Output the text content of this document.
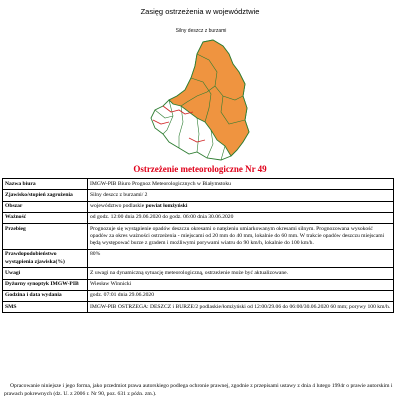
Zasięg ostrzeżenia w województwie
Silny deszcz z burzami
Ostrzeżenie meteorologiczne Nr 49
Nazwa biura	IMGW-PIB Biuro Prognoz Meteorologicznych w Białymstoku
Zjawisko/stopień zagrożenia	Silny deszcz z burzami/ 2
Obszar	województwo podlaskie powiat łomżyński
Ważność	od godz. 12:00 dnia 29.06.2020 do godz. 06:00 dnia 30.06.2020
Przebieg	Prognozuje się wystąpienie opadów deszczu okresami o natężeniu umiarkowanym okresami silnym. Prognozowana wysokość opadów za okres ważności ostrzeżenia - miejscami od 20 mm do 40 mm, lokalnie do 60 mm. W trakcie opadów deszczu miejscami będą występować burze z gradem i możliwymi porywami wiatru do 90 km/h, lokalnie do 100 km/h.
Prawdopodobieństwo wystąpienia zjawiska(%)	80%
Uwagi	Z uwagi na dynamiczną sytuację meteorologiczną, ostrzeżenie może być aktualizowane.
Dyżurny synoptyk IMGW-PIB	Wiesław Winnicki
Godzina i data wydania	godz. 07:01 dnia 29.06.2020
SMS	IMGW-PIB OSTRZEGA: DESZCZ i BURZE/2 podlaskie/łomżyński od 12:00/29.06 do 06:00/30.06.2020 60 mm; porywy 100 km/h.

Opracowanie niniejsze i jego forma, jako przedmiot prawa autorskiego podlega ochronie prawnej, zgodnie z przepisami ustawy z dnia 4 lutego 1994r o prawie autorskim i prawach pokrewnych (dz. U. z 2006 r. Nr 90, poz. 631 z późn. zm.).
